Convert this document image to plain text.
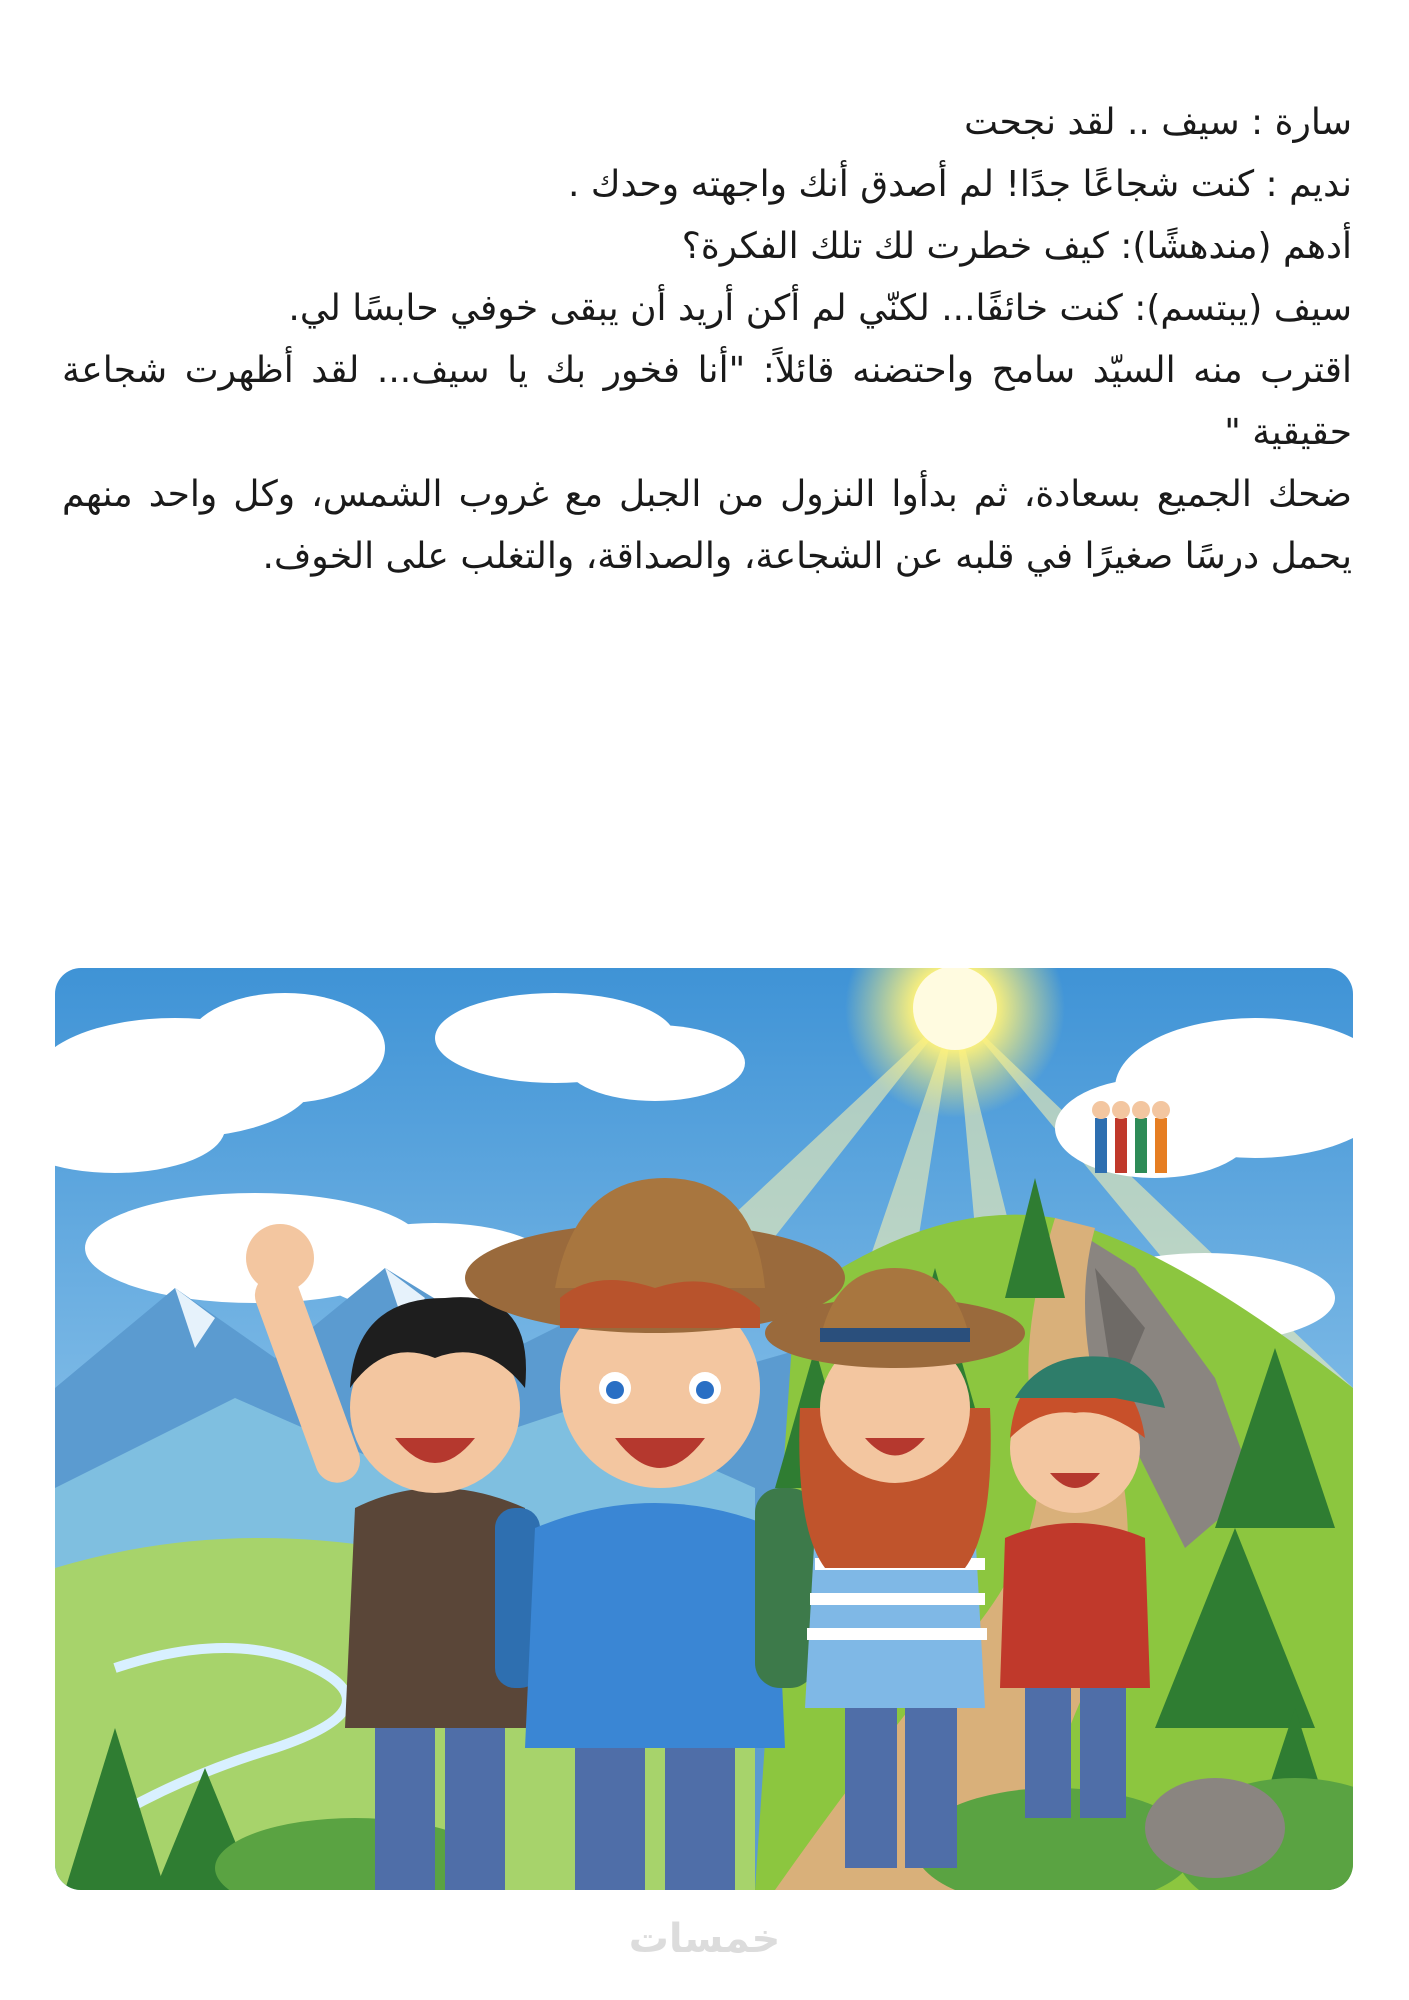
سارة : سيف .. لقد نجحت

نديم : كنت شجاعًا جدًا! لم أصدق أنك واجهته وحدك .

أدهم (مندهشًا): كيف خطرت لك تلك الفكرة؟

سيف (يبتسم): كنت خائفًا... لكنّي لم أكن أريد أن يبقى خوفي حابسًا لي.

اقترب منه السيّد سامح واحتضنه قائلاً: "أنا فخور بك يا سيف... لقد أظهرت شجاعة حقيقية "

ضحك الجميع بسعادة، ثم بدأوا النزول من الجبل مع غروب الشمس، وكل واحد منهم يحمل درسًا صغيرًا في قلبه عن الشجاعة، والصداقة، والتغلب على الخوف.

خمسات
